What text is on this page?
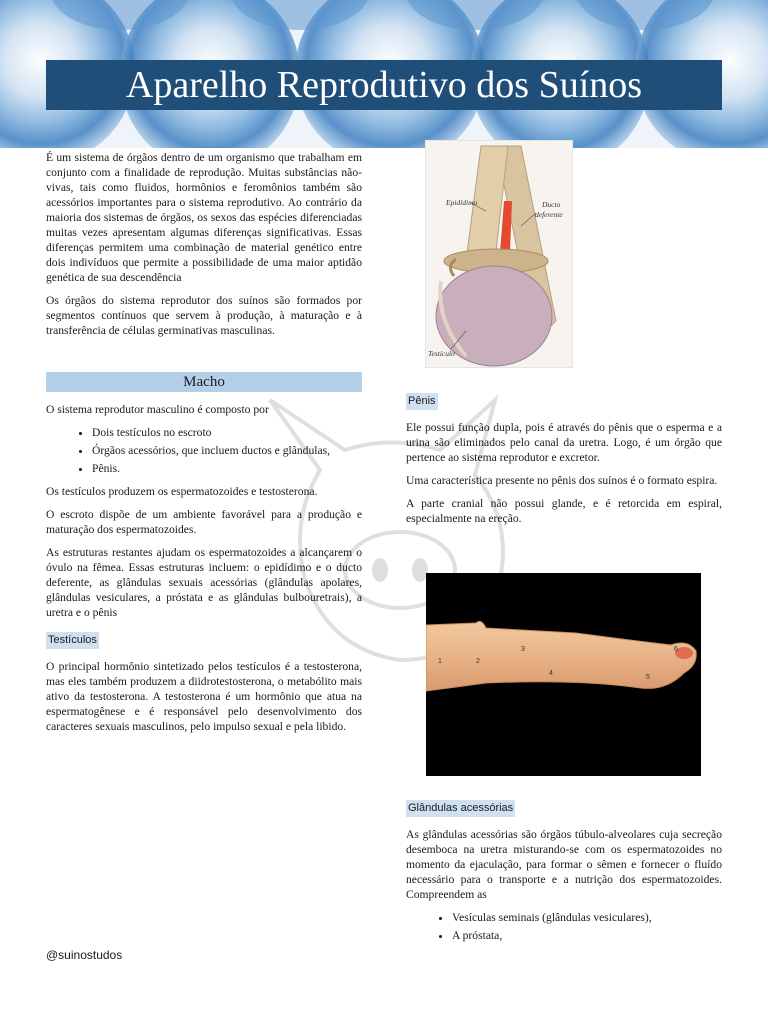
Aparelho Reprodutivo dos Suínos

É um sistema de órgãos dentro de um organismo que trabalham em conjunto com a finalidade de reprodução. Muitas substâncias não-vivas, tais como fluidos, hormônios e feromônios também são acessórios importantes para o sistema reprodutivo. Ao contrário da maioria dos sistemas de órgãos, os sexos das espécies diferenciadas muitas vezes apresentam algumas diferenças significativas. Essas diferenças permitem uma combinação de material genético entre dois indivíduos que permite a possibilidade de uma maior aptidão genética de sua descendência

Os órgãos do sistema reprodutor dos suínos são formados por segmentos contínuos que servem à produção, à maturação e à transferência de células germinativas masculinas.

Macho

O sistema reprodutor masculino é composto por

• Dois testículos no escroto
• Órgãos acessórios, que incluem ductos e glândulas,
• Pênis.

Os testículos produzem os espermatozoides e testosterona.

O escroto dispõe de um ambiente favorável para a produção e maturação dos espermatozoides.

As estruturas restantes ajudam os espermatozoides a alcançarem o óvulo na fêmea. Essas estruturas incluem: o epidídimo e o ducto deferente, as glândulas sexuais acessórias (glândulas apolares, glândulas vesiculares, a próstata e as glândulas bulbouretrais), a uretra e o pênis

Testículos

O principal hormônio sintetizado pelos testículos é a testosterona, mas eles também produzem a diidrotestosterona, o metabólito mais ativo da testosterona. A testosterona é um hormônio que atua na espermatogênese e é responsável pelo desenvolvimento dos caracteres sexuais masculinos, pelo impulso sexual e pela libido.

Epidídimo	Ducto
deferente
Testículo
Pênis

Ele possui função dupla, pois é através do pênis que o esperma e a urina são eliminados pelo canal da uretra. Logo, é um órgão que pertence ao sistema reprodutor e excretor.

Uma característica presente no pênis dos suínos é o formato espira.

A parte cranial não possui glande, e é retorcida em espiral, especialmente na ereção.

1	2
3
4
5
6
Glândulas acessórias

As glândulas acessórias são órgãos túbulo-alveolares cuja secreção desemboca na uretra misturando-se com os espermatozoides no momento da ejaculação, para formar o sêmen e fornecer o fluído necessário para o transporte e a nutrição dos espermatozoides. Compreendem as

• Vesículas seminais (glândulas vesiculares),
• A próstata,
@suinostudos
